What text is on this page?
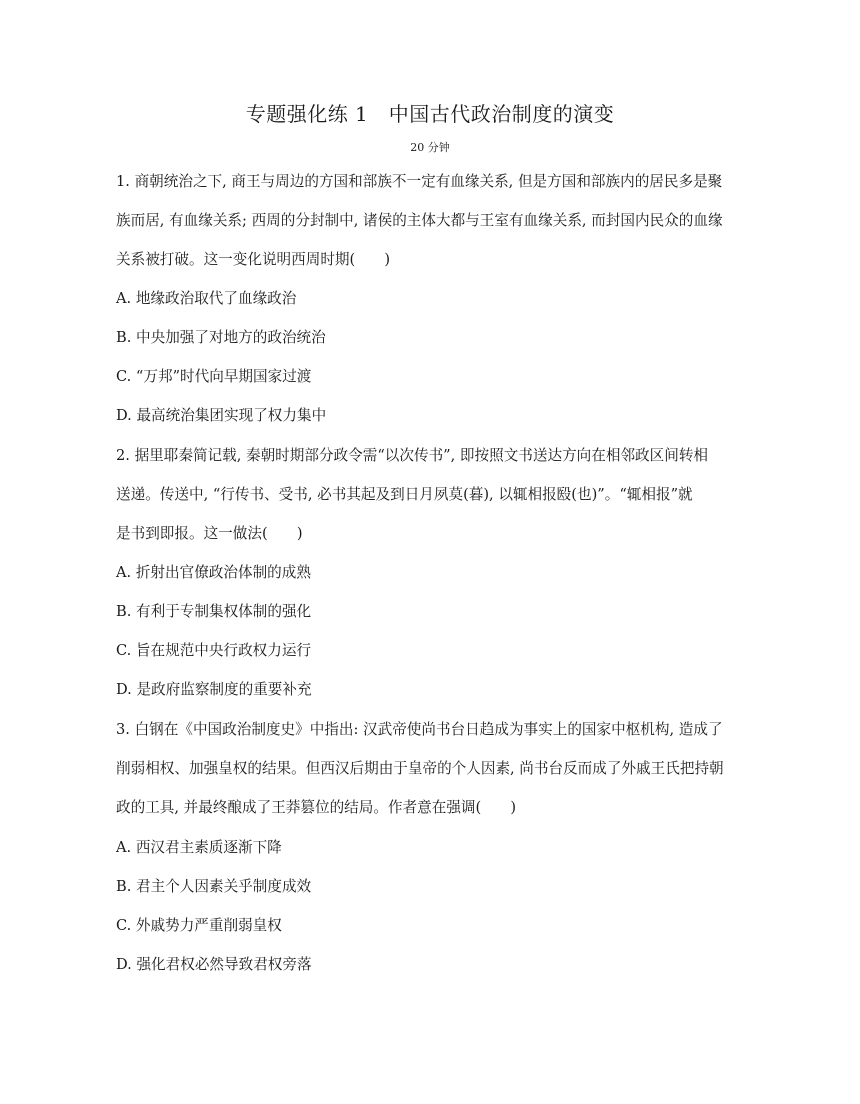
专题强化练 1　中国古代政治制度的演变
20 分钟
1. 商朝统治之下, 商王与周边的方国和部族不一定有血缘关系, 但是方国和部族内的居民多是聚
族而居, 有血缘关系; 西周的分封制中, 诸侯的主体大都与王室有血缘关系, 而封国内民众的血缘
关系被打破。这一变化说明西周时期(　　)
A. 地缘政治取代了血缘政治
B. 中央加强了对地方的政治统治
C. “万邦”时代向早期国家过渡
D. 最高统治集团实现了权力集中
2. 据里耶秦简记载, 秦朝时期部分政令需“以次传书”, 即按照文书送达方向在相邻政区间转相
送递。传送中, “行传书、受书, 必书其起及到日月夙莫(暮), 以辄相报殹(也)”。“辄相报”就
是书到即报。这一做法(　　)
A. 折射出官僚政治体制的成熟
B. 有利于专制集权体制的强化
C. 旨在规范中央行政权力运行
D. 是政府监察制度的重要补充
3. 白钢在《中国政治制度史》中指出: 汉武帝使尚书台日趋成为事实上的国家中枢机构, 造成了
削弱相权、加强皇权的结果。但西汉后期由于皇帝的个人因素, 尚书台反而成了外戚王氏把持朝
政的工具, 并最终酿成了王莽篡位的结局。作者意在强调(　　)
A. 西汉君主素质逐渐下降
B. 君主个人因素关乎制度成效
C. 外戚势力严重削弱皇权
D. 强化君权必然导致君权旁落
